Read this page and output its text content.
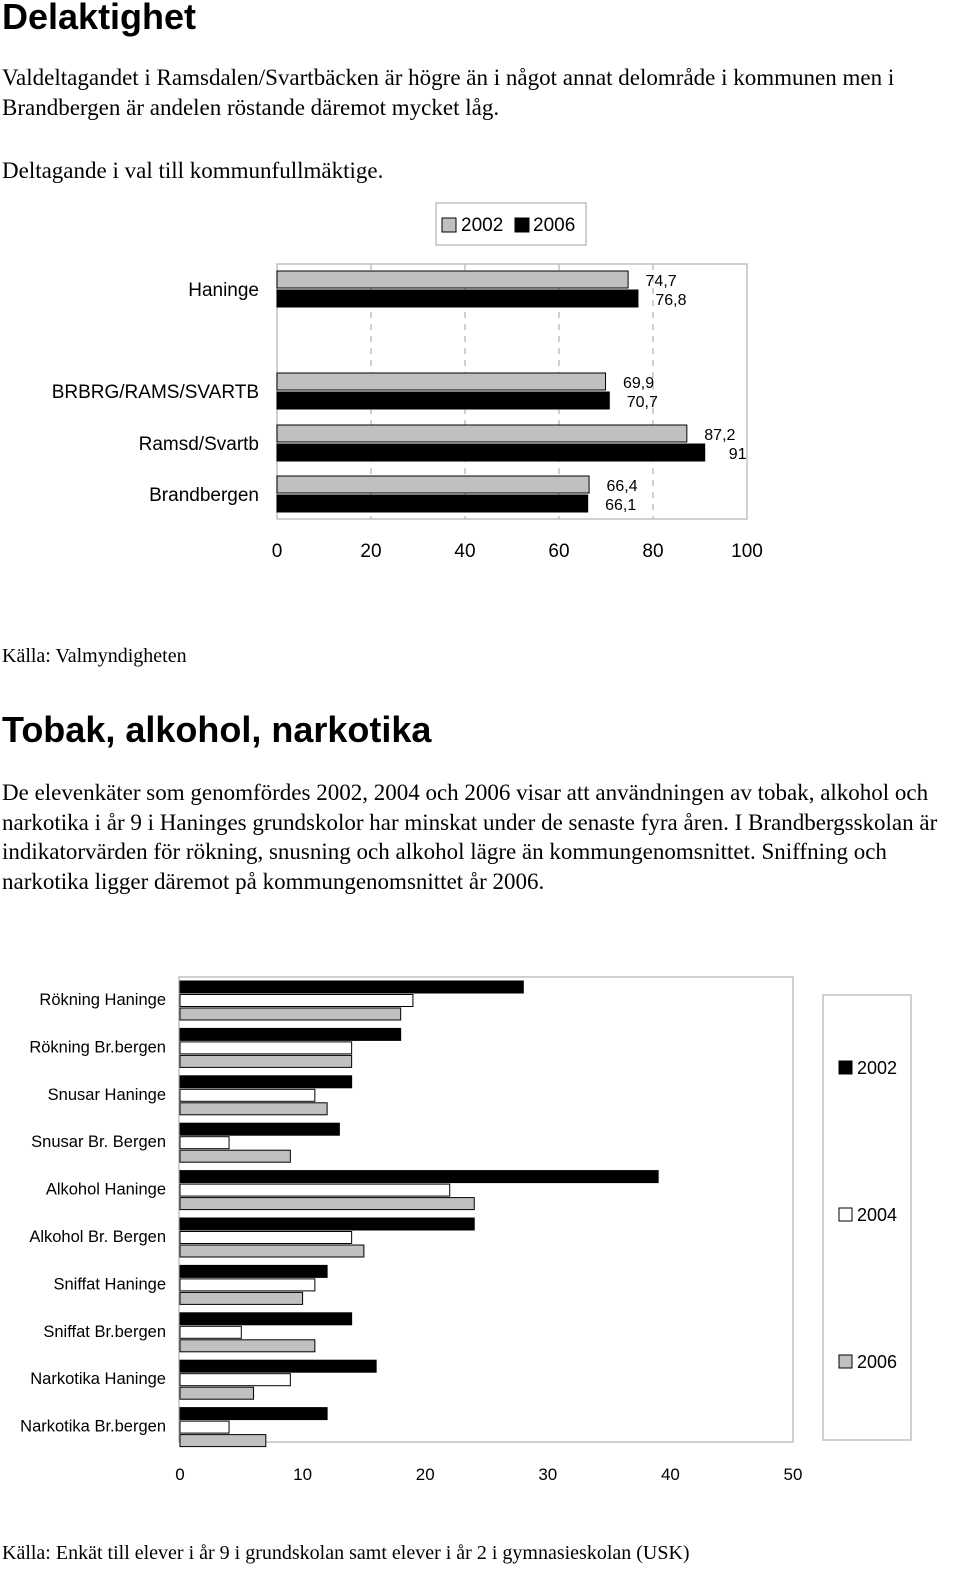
Delaktighet
Valdeltagandet i Ramsdalen/Svartbäcken är högre än i något annat delområde i kommunen men i Brandbergen är andelen röstande däremot mycket låg.
Deltagande i val till kommunfullmäktige.
2002 2006
74,7
76,8
69,9
70,7
87,2
91
66,4
66,1
Haninge
BRBRG/RAMS/SVARTB
Ramsd/Svartb
Brandbergen
0	20	40	60	80	100
Källa: Valmyndigheten
Tobak, alkohol, narkotika
De elevenkäter som genomfördes 2002, 2004 och 2006 visar att användningen av tobak, alkohol och narkotika i år 9 i Haninges grundskolor har minskat under de senaste fyra åren. I Brandbergsskolan är indikatorvärden för rökning, snusning och alkohol lägre än kommungenomsnittet. Sniffning och narkotika ligger däremot på kommungenomsnittet år 2006.
Rökning Haninge
Rökning Br.bergen
Snusar Haninge
Snusar Br. Bergen
Alkohol Haninge
Alkohol Br. Bergen
Sniffat Haninge
Sniffat Br.bergen
Narkotika Haninge
Narkotika Br.bergen
0	10	20	30	40	50
2002
2004
2006
Källa: Enkät till elever i år 9 i grundskolan samt elever i år 2 i gymnasieskolan (USK)
